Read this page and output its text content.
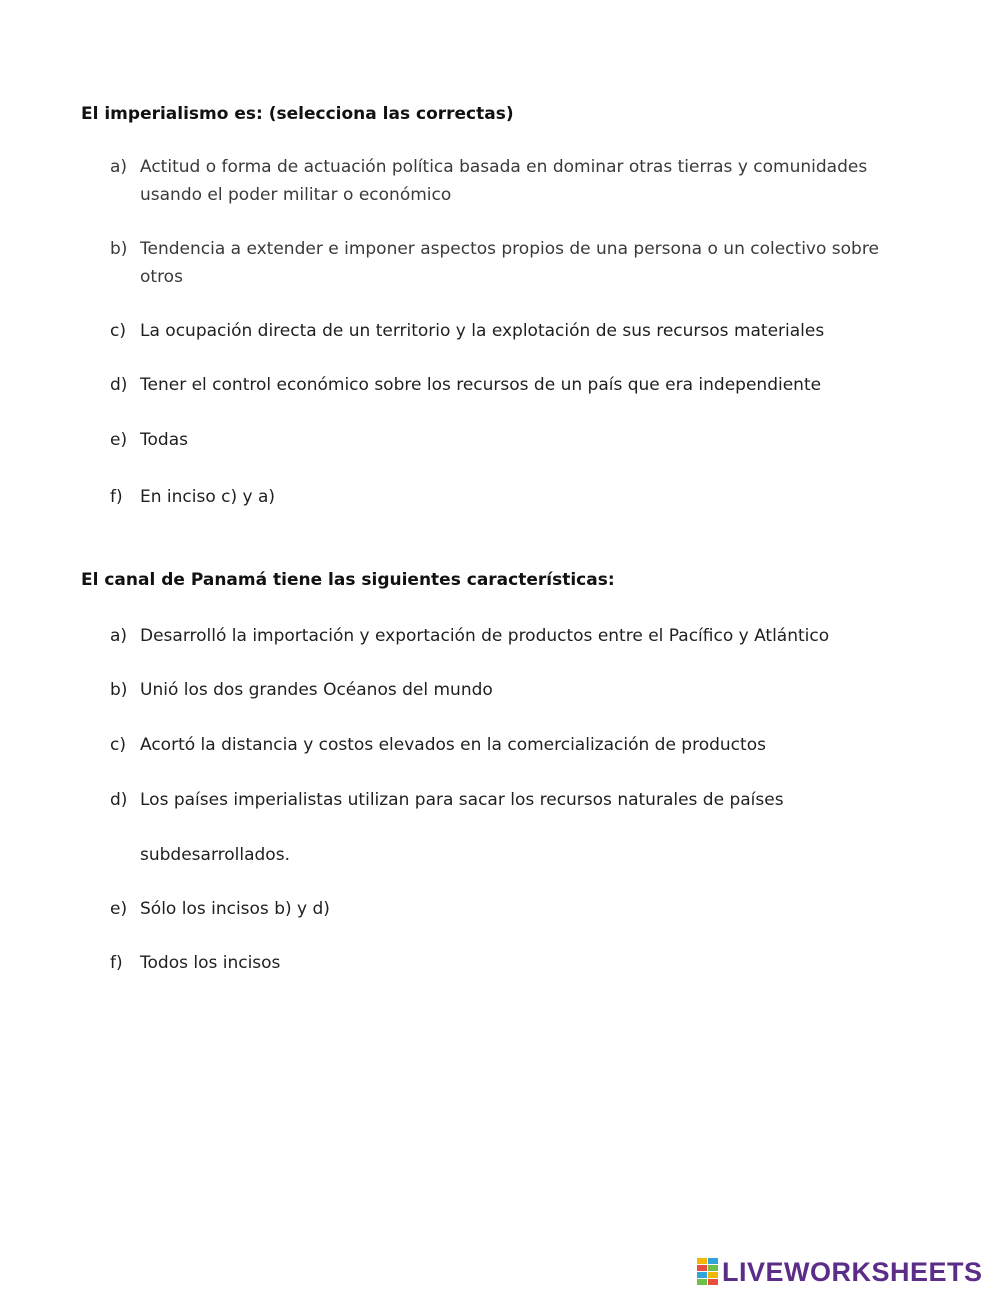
El imperialismo es: (selecciona las correctas)
a) Actitud o forma de actuación política basada en dominar otras tierras y comunidades
usando el poder militar o económico
b) Tendencia a extender e imponer aspectos propios de una persona o un colectivo sobre
otros
c) La ocupación directa de un territorio y la explotación de sus recursos materiales
d) Tener el control económico sobre los recursos de un país que era independiente
e) Todas
f)	En inciso c) y a)
El canal de Panamá tiene las siguientes características:
a) Desarrolló la importación y exportación de productos entre el Pacífico y Atlántico
b) Unió los dos grandes Océanos del mundo
c) Acortó la distancia y costos elevados en la comercialización de productos
d) Los países imperialistas utilizan para sacar los recursos naturales de países
subdesarrollados.
e) Sólo los incisos b) y d)
f)	Todos los incisos
LIVEWORKSHEETS
